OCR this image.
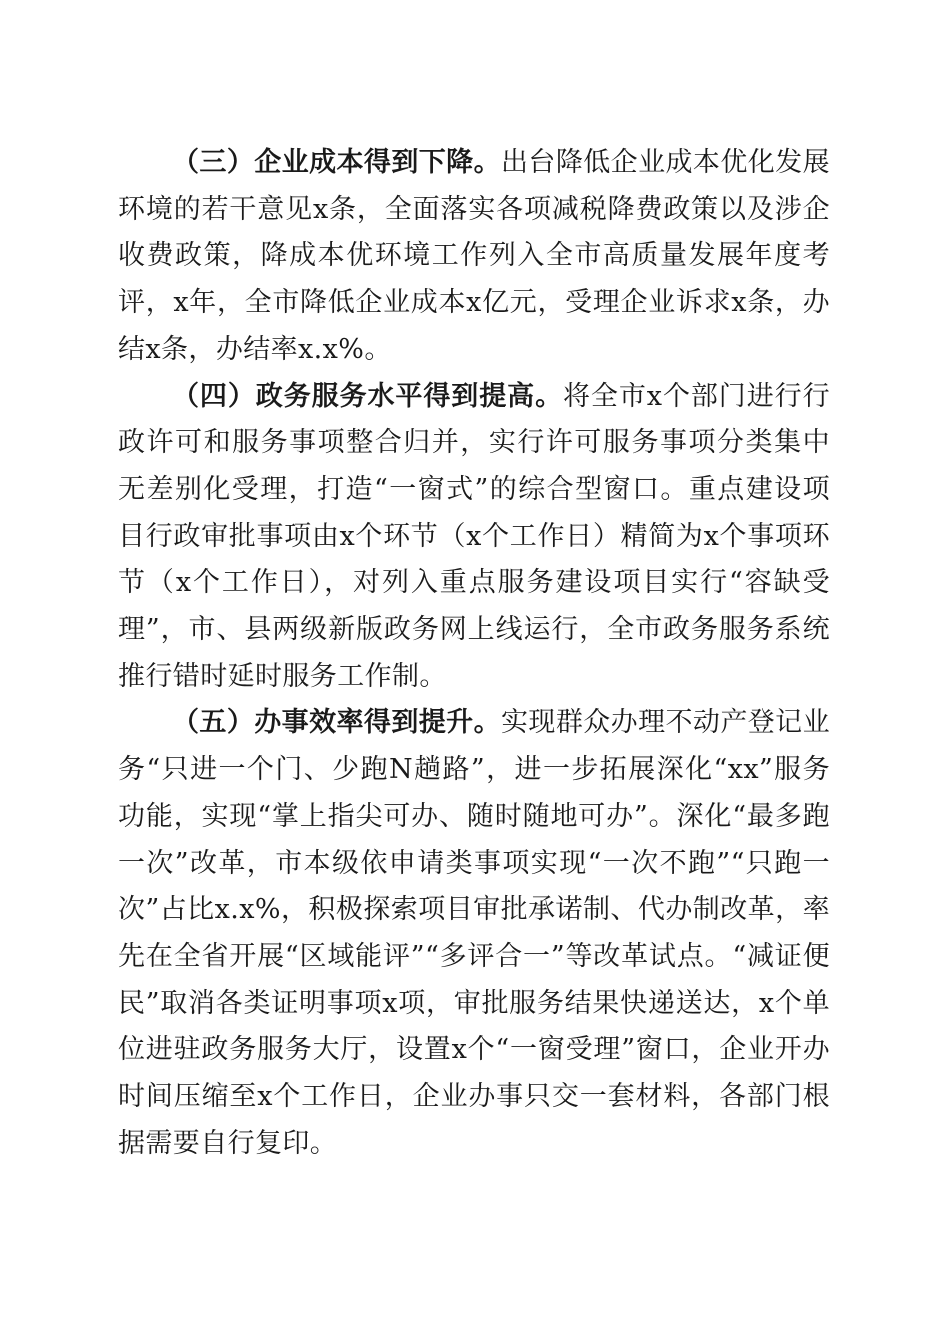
（三）企业成本得到下降。出台降低企业成本优化发展环境的若干意见x条，全面落实各项减税降费政策以及涉企收费政策，降成本优环境工作列入全市高质量发展年度考评，x年，全市降低企业成本x亿元，受理企业诉求x条，办结x条，办结率x.x%。

（四）政务服务水平得到提高。将全市x个部门进行行政许可和服务事项整合归并，实行许可服务事项分类集中无差别化受理，打造“一窗式”的综合型窗口。重点建设项目行政审批事项由x个环节（x个工作日）精简为x个事项环节（x个工作日），对列入重点服务建设项目实行“容缺受理”，市、县两级新版政务网上线运行，全市政务服务系统推行错时延时服务工作制。

（五）办事效率得到提升。实现群众办理不动产登记业务“只进一个门、少跑N趟路”，进一步拓展深化“xx”服务功能，实现“掌上指尖可办、随时随地可办”。深化“最多跑一次”改革，市本级依申请类事项实现“一次不跑”“只跑一次”占比x.x%，积极探索项目审批承诺制、代办制改革，率先在全省开展“区域能评”“多评合一”等改革试点。“减证便民”取消各类证明事项x项，审批服务结果快递送达，x个单位进驻政务服务大厅，设置x个“一窗受理”窗口，企业开办时间压缩至x个工作日，企业办事只交一套材料，各部门根据需要自行复印。
